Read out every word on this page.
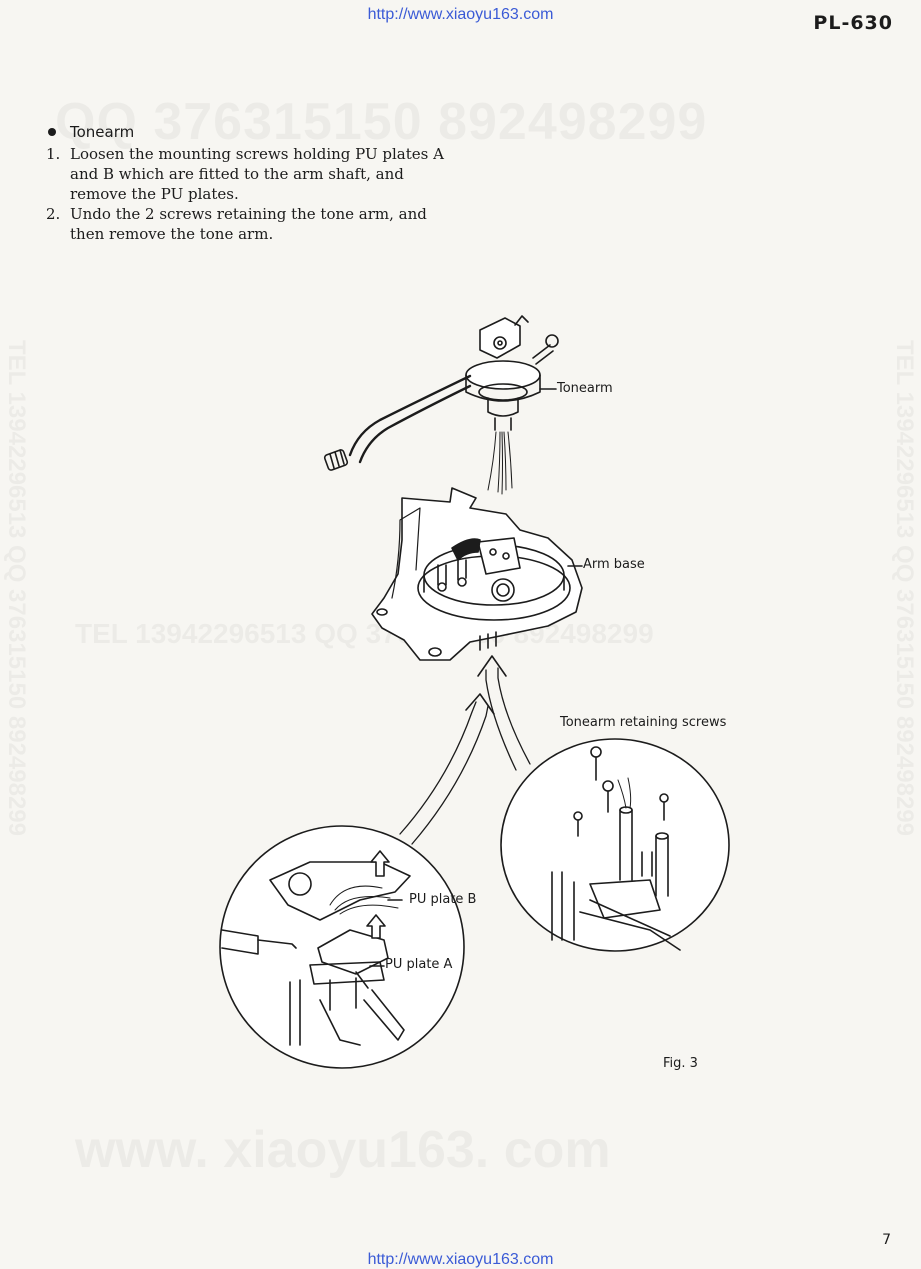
http://www.xiaoyu163.com	PL-630
Tonearm
1. Loosen the mounting screws holding PU plates A and B which are fitted to the arm shaft, and remove the PU plates.
2. Undo the 2 screws retaining the tone arm, and then remove the tone arm.
Tonearm
Arm base
Tonearm retaining screws
PU plate B
PU plate A
Fig. 3
7
http://www.xiaoyu163.com
